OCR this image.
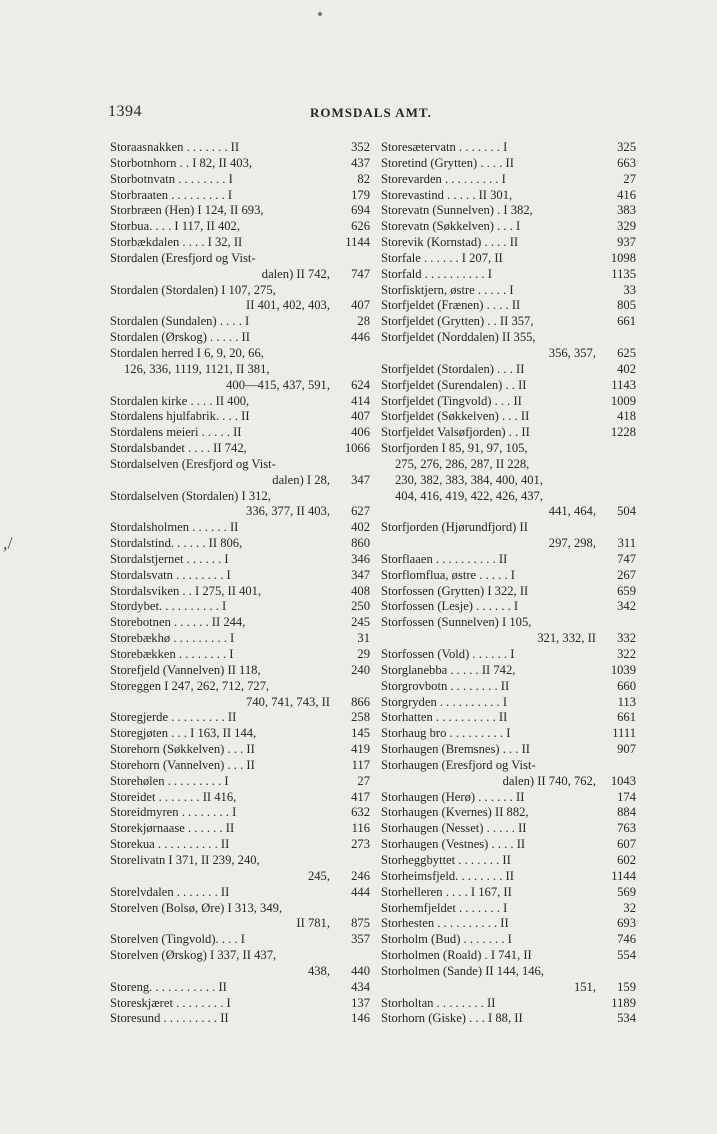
1394	ROMSDALS AMT.
,/
Storaasnakken . . . . . . . II	352
Storbotnhorn . . I 82, II 403,	437
Storbotnvatn . . . . . . . . I	82
Storbraaten . . . . . . . . . I	179
Storbræen (Hen) I 124, II 693,	694
Storbua. . . . I 117, II 402,	626
Storbækdalen . . . . I 32, II	1144
Stordalen (Eresfjord og Vist-
dalen) II 742,	747
Stordalen (Stordalen) I 107, 275,
II 401, 402, 403,	407
Stordalen (Sundalen) . . . . I	28
Stordalen (Ørskog) . . . . . II	446
Stordalen herred I 6, 9, 20, 66,
126, 336, 1119, 1121, II 381,
400—415, 437, 591,	624
Stordalen kirke . . . . II 400,	414
Stordalens hjulfabrik. . . . II	407
Stordalens meieri . . . . . II	406
Stordalsbandet . . . . II 742,	1066
Stordalselven (Eresfjord og Vist-
dalen) I 28,	347
Stordalselven (Stordalen) I 312,
336, 377, II 403,	627
Stordalsholmen . . . . . . II	402
Stordalstind. . . . . . II 806,	860
Stordalstjernet . . . . . . I	346
Stordalsvatn . . . . . . . . I	347
Stordalsviken . . I 275, II 401,	408
Stordybet. . . . . . . . . . I	250
Storebotnen . . . . . . II 244,	245
Storebækhø . . . . . . . . . I	31
Storebækken . . . . . . . . I	29
Storefjeld (Vannelven) II 118,	240
Storeggen I 247, 262, 712, 727,
740, 741, 743, II	866
Storegjerde . . . . . . . . . II	258
Storegjøten . . . I 163, II 144,	145
Storehorn (Søkkelven) . . . II	419
Storehorn (Vannelven) . . . II	117
Storehølen . . . . . . . . . I	27
Storeidet . . . . . . . II 416,	417
Storeidmyren . . . . . . . . I	632
Storekjørnaase . . . . . . II	116
Storekua . . . . . . . . . . II	273
Storelivatn I 371, II 239, 240,
245,	246
Storelvdalen . . . . . . . II	444
Storelven (Bolsø, Øre) I 313, 349,
II 781,	875
Storelven (Tingvold). . . . I	357
Storelven (Ørskog) I 337, II 437,
438,	440
Storeng. . . . . . . . . . . II	434
Storeskjæret . . . . . . . . I	137
Storesund . . . . . . . . . II	146
Storesætervatn . . . . . . . I	325
Storetind (Grytten) . . . . II	663
Storevarden . . . . . . . . . I	27
Storevastind . . . . . II 301,	416
Storevatn (Sunnelven) . I 382,	383
Storevatn (Søkkelven) . . . I	329
Storevik (Kornstad) . . . . II	937
Storfale . . . . . . I 207, II	1098
Storfald . . . . . . . . . . I	1135
Storfisktjern, østre . . . . . I	33
Storfjeldet (Frænen) . . . . II	805
Storfjeldet (Grytten) . . II 357,	661
Storfjeldet (Norddalen) II 355,
356, 357,	625
Storfjeldet (Stordalen) . . . II	402
Storfjeldet (Surendalen) . . II	1143
Storfjeldet (Tingvold) . . . II	1009
Storfjeldet (Søkkelven) . . . II	418
Storfjeldet Valsøfjorden) . . II	1228
Storfjorden I 85, 91, 97, 105,
275, 276, 286, 287, II 228,
230, 382, 383, 384, 400, 401,
404, 416, 419, 422, 426, 437,
441, 464,	504
Storfjorden (Hjørundfjord) II
297, 298,	311
Storflaaen . . . . . . . . . . II	747
Storflomflua, østre . . . . . I	267
Storfossen (Grytten) I 322, II	659
Storfossen (Lesje) . . . . . . I	342
Storfossen (Sunnelven) I 105,
321, 332, II	332
Storfossen (Vold) . . . . . . I	322
Storglanebba . . . . . II 742,	1039
Storgrovbotn . . . . . . . . II	660
Storgryden . . . . . . . . . . I	113
Storhatten . . . . . . . . . . II	661
Storhaug bro . . . . . . . . . I	1111
Storhaugen (Bremsnes) . . . II	907
Storhaugen (Eresfjord og Vist-
dalen) II 740, 762,	1043
Storhaugen (Herø) . . . . . . II	174
Storhaugen (Kvernes) II 882,	884
Storhaugen (Nesset) . . . . . II	763
Storhaugen (Vestnes) . . . . II	607
Storheggbyttet . . . . . . . II	602
Storheimsfjeld. . . . . . . . II	1144
Storhelleren . . . . I 167, II	569
Storhemfjeldet . . . . . . . I	32
Storhesten . . . . . . . . . . II	693
Storholm (Bud) . . . . . . . I	746
Storholmen (Roald) . I 741, II	554
Storholmen (Sande) II 144, 146,
151,	159
Storholtan . . . . . . . . II	1189
Storhorn (Giske) . . . I 88, II	534
